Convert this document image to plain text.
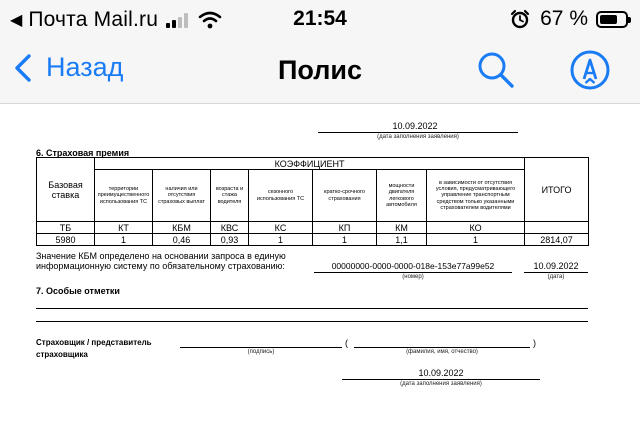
◀ Почта Mail.ru	21:54	67 %
Назад	Полис
10.09.2022
(дата заполнения заявления)
6. Страховая премия
Базовая ставка	КОЭФФИЦИЕНТ							ИТОГО
	территории преимущественного использования ТС	наличия или отсутствия страховых выплат	возраста и стажа водителя	сезонного использования ТС	кратко-срочного страхования	мощности двигателя легкового автомобиля	в зависимости от отсутствия условия, предусматривающего управление транспортным средством только указанными страхователем водителями	
ТБ	КТ	КБМ	КВС	КС	КП	КМ	КО	
5980	1	0,46	0,93	1	1	1,1	1	2814,07
Значение КБМ определено на основании запроса в единую
информационную систему по обязательному страхованию:	00000000-0000-0000-018e-153e77a99e52
(номер)
10.09.2022
(дата)
7. Особые отметки
Страховщик / представитель
страховщика	(подпись)
(	)
(фамилия, имя, отчество)
10.09.2022
(дата заполнения заявления)
